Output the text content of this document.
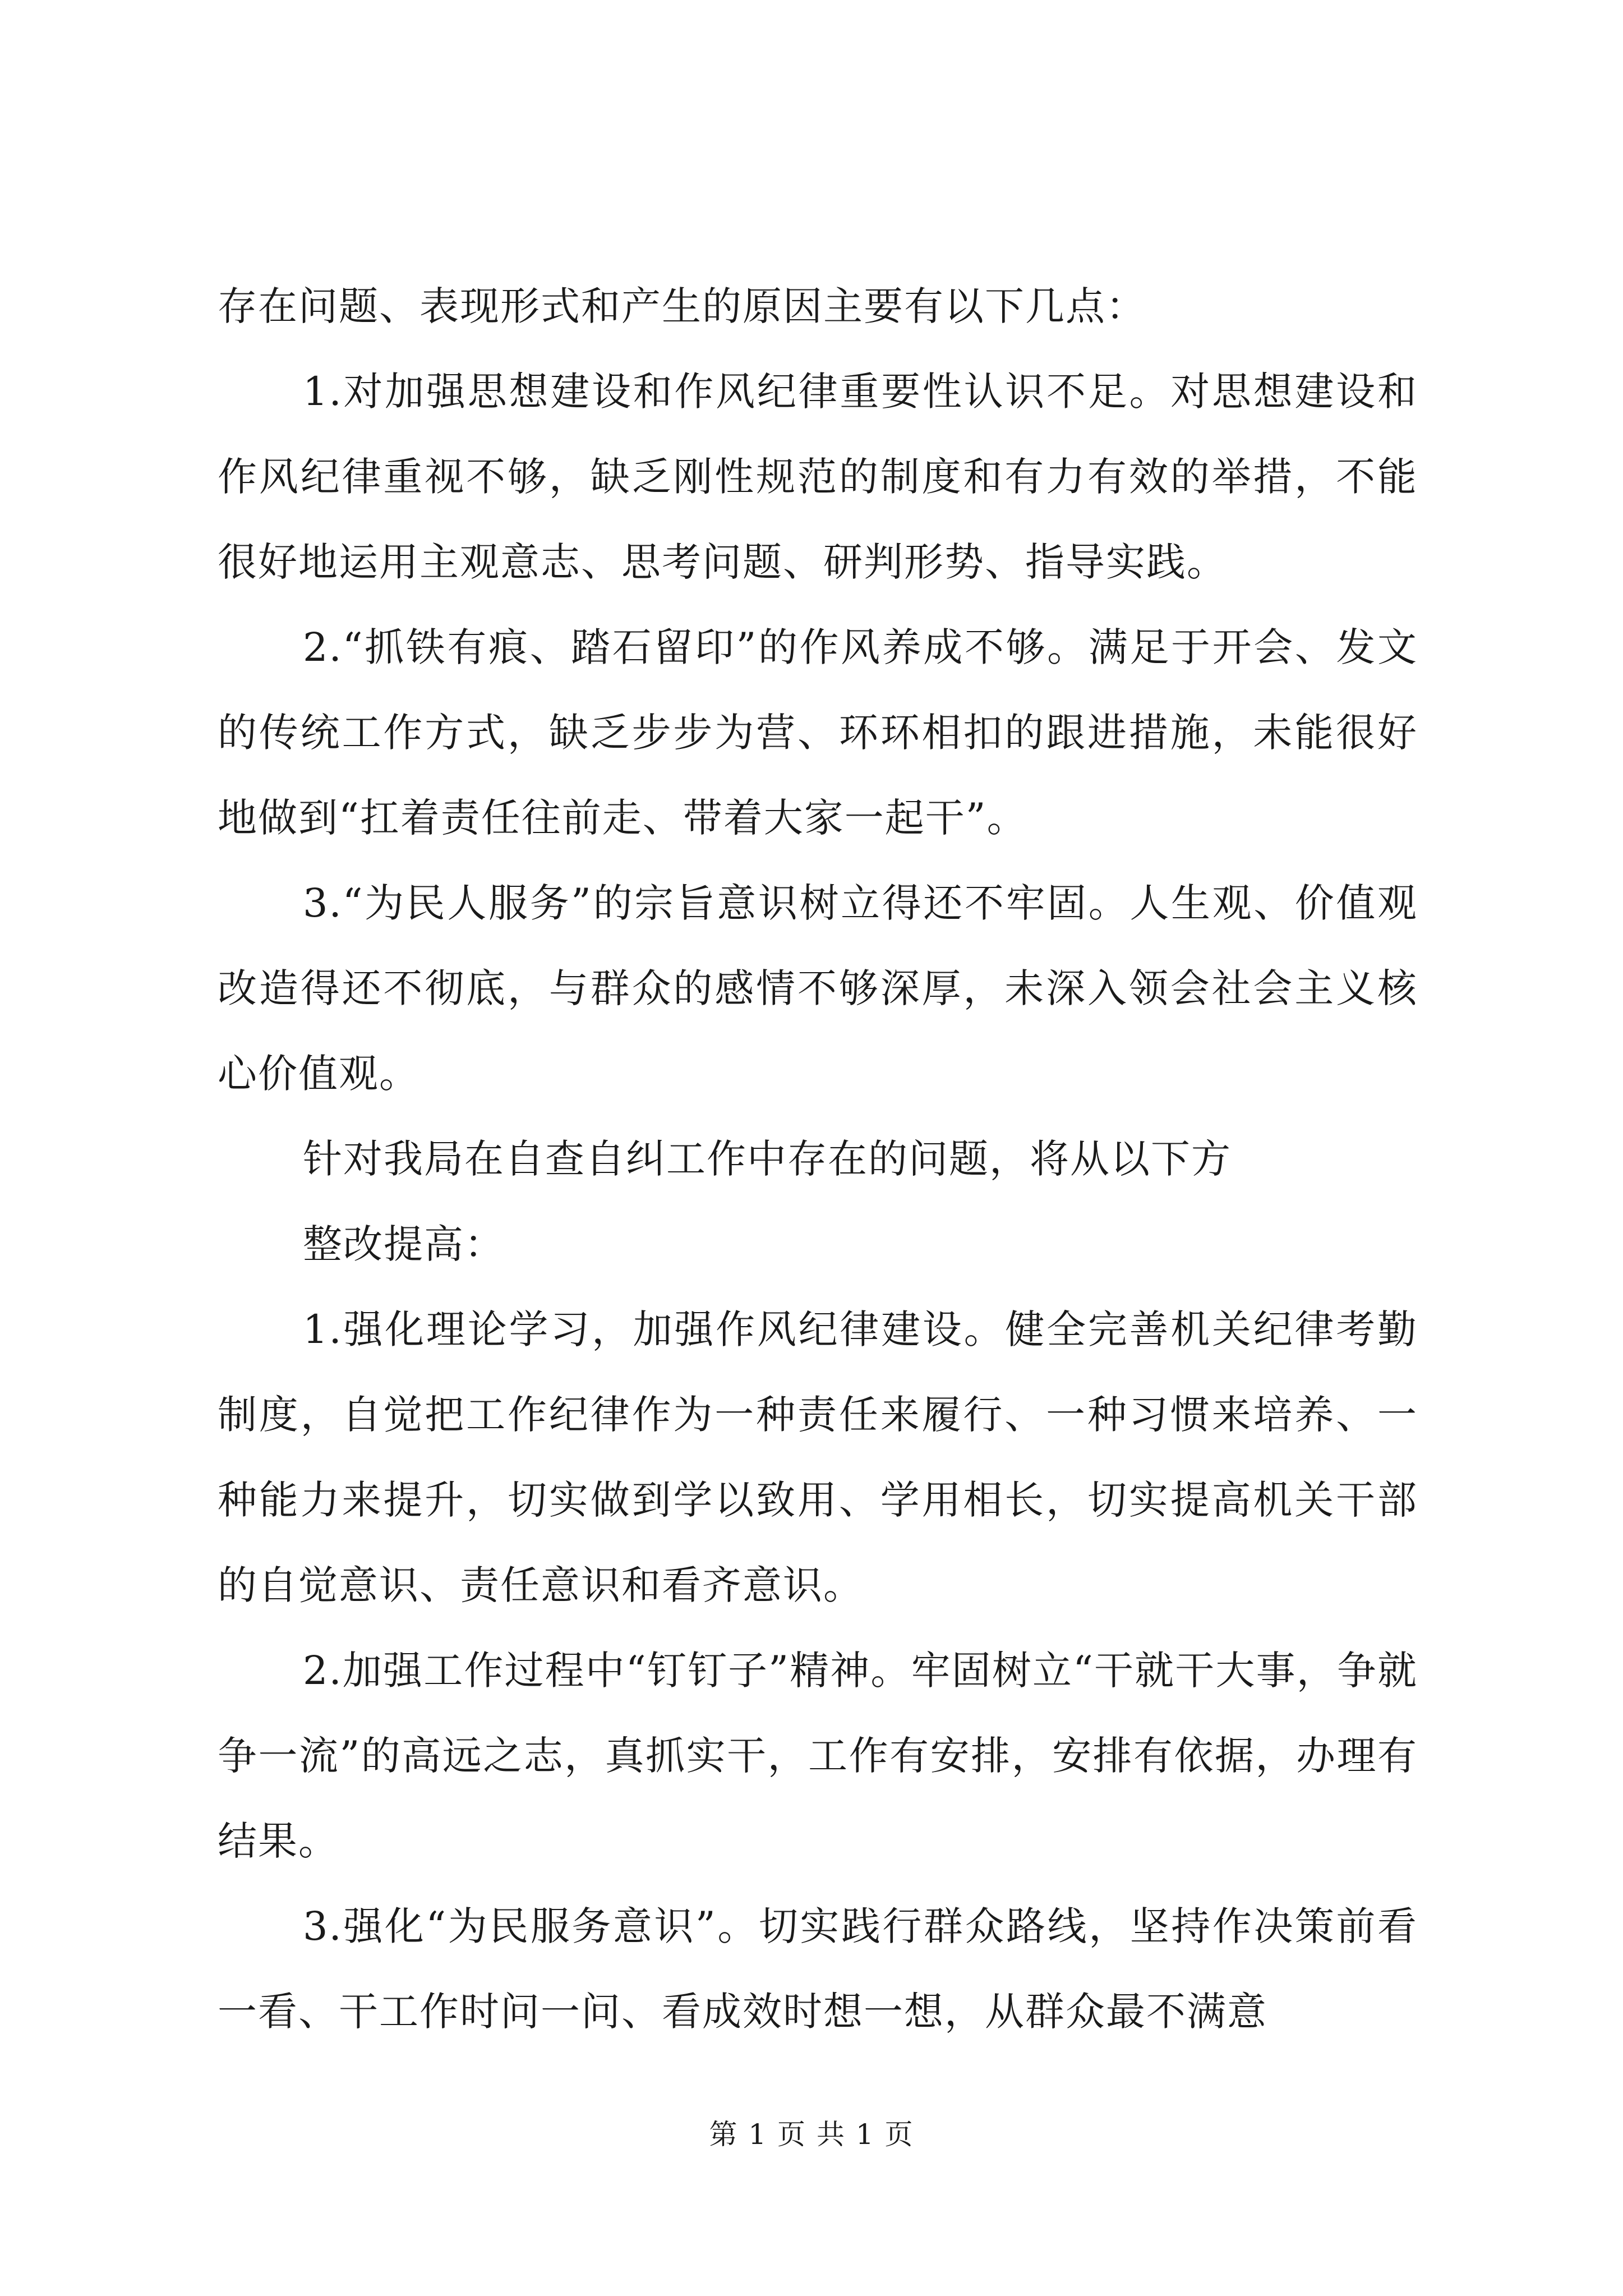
存在问题、表现形式和产生的原因主要有以下几点：

1.对加强思想建设和作风纪律重要性认识不足。对思想建设和作风纪律重视不够，缺乏刚性规范的制度和有力有效的举措，不能很好地运用主观意志、思考问题、研判形势、指导实践。

2.“抓铁有痕、踏石留印”的作风养成不够。满足于开会、发文的传统工作方式，缺乏步步为营、环环相扣的跟进措施，未能很好地做到“扛着责任往前走、带着大家一起干”。

3.“为民人服务”的宗旨意识树立得还不牢固。人生观、价值观改造得还不彻底，与群众的感情不够深厚，未深入领会社会主义核心价值观。

针对我局在自查自纠工作中存在的问题，将从以下方

整改提高：

1.强化理论学习，加强作风纪律建设。健全完善机关纪律考勤制度，自觉把工作纪律作为一种责任来履行、一种习惯来培养、一种能力来提升，切实做到学以致用、学用相长，切实提高机关干部的自觉意识、责任意识和看齐意识。

2.加强工作过程中“钉钉子”精神。牢固树立“干就干大事，争就争一流”的高远之志，真抓实干，工作有安排，安排有依据，办理有结果。

3.强化“为民服务意识”。切实践行群众路线，坚持作决策前看一看、干工作时问一问、看成效时想一想，从群众最不满意

第 1 页 共 1 页
